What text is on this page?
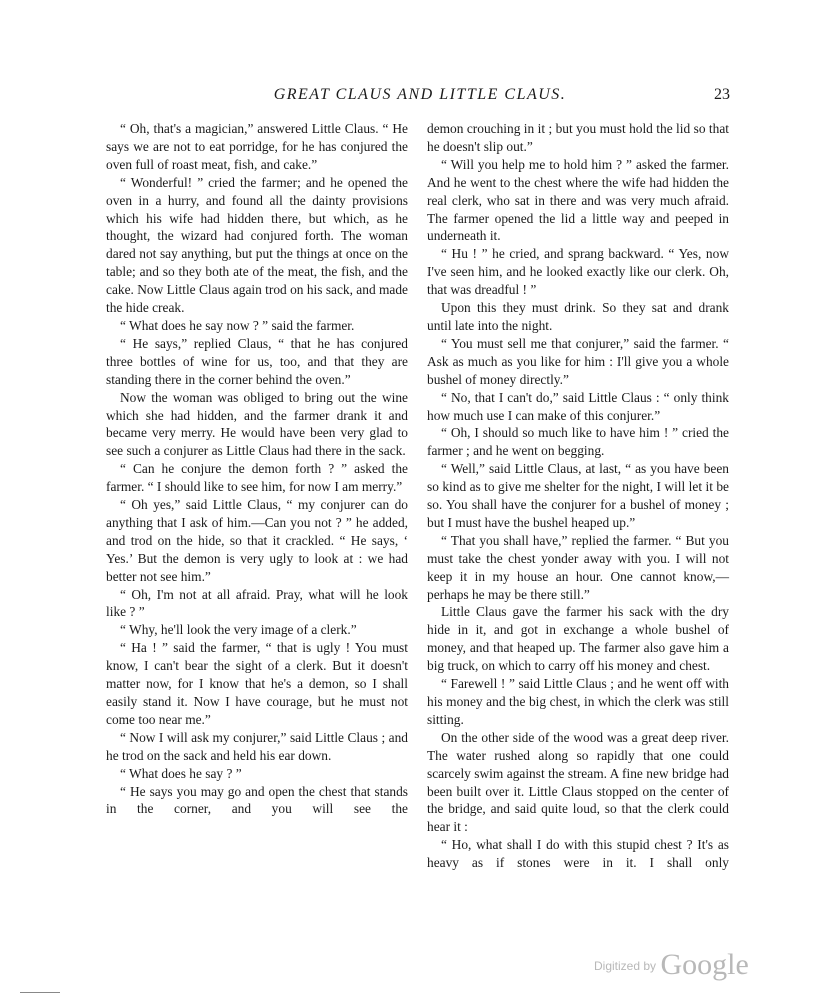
GREAT CLAUS AND LITTLE CLAUS.	23

“ Oh, that's a magician,” answered Little Claus. “ He says we are not to eat porridge, for he has conjured the oven full of roast meat, fish, and cake.”

“ Wonderful! ” cried the farmer; and he opened the oven in a hurry, and found all the dainty provisions which his wife had hidden there, but which, as he thought, the wizard had conjured forth. The woman dared not say anything, but put the things at once on the table; and so they both ate of the meat, the fish, and the cake. Now Little Claus again trod on his sack, and made the hide creak.

“ What does he say now ? ” said the farmer.

“ He says,” replied Claus, “ that he has conjured three bottles of wine for us, too, and that they are standing there in the corner behind the oven.”

Now the woman was obliged to bring out the wine which she had hidden, and the farmer drank it and became very merry. He would have been very glad to see such a conjurer as Little Claus had there in the sack.

“ Can he conjure the demon forth ? ” asked the farmer. “ I should like to see him, for now I am merry.”

“ Oh yes,” said Little Claus, “ my conjurer can do anything that I ask of him.—Can you not ? ” he added, and trod on the hide, so that it crackled. “ He says, ‘ Yes.’ But the demon is very ugly to look at : we had better not see him.”

“ Oh, I'm not at all afraid. Pray, what will he look like ? ”

“ Why, he'll look the very image of a clerk.”

“ Ha ! ” said the farmer, “ that is ugly ! You must know, I can't bear the sight of a clerk. But it doesn't matter now, for I know that he's a demon, so I shall easily stand it. Now I have courage, but he must not come too near me.”

“ Now I will ask my conjurer,” said Little Claus ; and he trod on the sack and held his ear down.

“ What does he say ? ”

“ He says you may go and open the chest that stands in the corner, and you will see the

demon crouching in it ; but you must hold the lid so that he doesn't slip out.”

“ Will you help me to hold him ? ” asked the farmer. And he went to the chest where the wife had hidden the real clerk, who sat in there and was very much afraid. The farmer opened the lid a little way and peeped in underneath it.

“ Hu ! ” he cried, and sprang backward. “ Yes, now I've seen him, and he looked exactly like our clerk. Oh, that was dreadful ! ”

Upon this they must drink. So they sat and drank until late into the night.

“ You must sell me that conjurer,” said the farmer. “ Ask as much as you like for him : I'll give you a whole bushel of money directly.”

“ No, that I can't do,” said Little Claus : “ only think how much use I can make of this conjurer.”

“ Oh, I should so much like to have him ! ” cried the farmer ; and he went on begging.

“ Well,” said Little Claus, at last, “ as you have been so kind as to give me shelter for the night, I will let it be so. You shall have the conjurer for a bushel of money ; but I must have the bushel heaped up.”

“ That you shall have,” replied the farmer. “ But you must take the chest yonder away with you. I will not keep it in my house an hour. One cannot know,—perhaps he may be there still.”

Little Claus gave the farmer his sack with the dry hide in it, and got in exchange a whole bushel of money, and that heaped up. The farmer also gave him a big truck, on which to carry off his money and chest.

“ Farewell ! ” said Little Claus ; and he went off with his money and the big chest, in which the clerk was still sitting.

On the other side of the wood was a great deep river. The water rushed along so rapidly that one could scarcely swim against the stream. A fine new bridge had been built over it. Little Claus stopped on the center of the bridge, and said quite loud, so that the clerk could hear it :

“ Ho, what shall I do with this stupid chest ? It's as heavy as if stones were in it. I shall only

$^{Digitized by}$ Google
